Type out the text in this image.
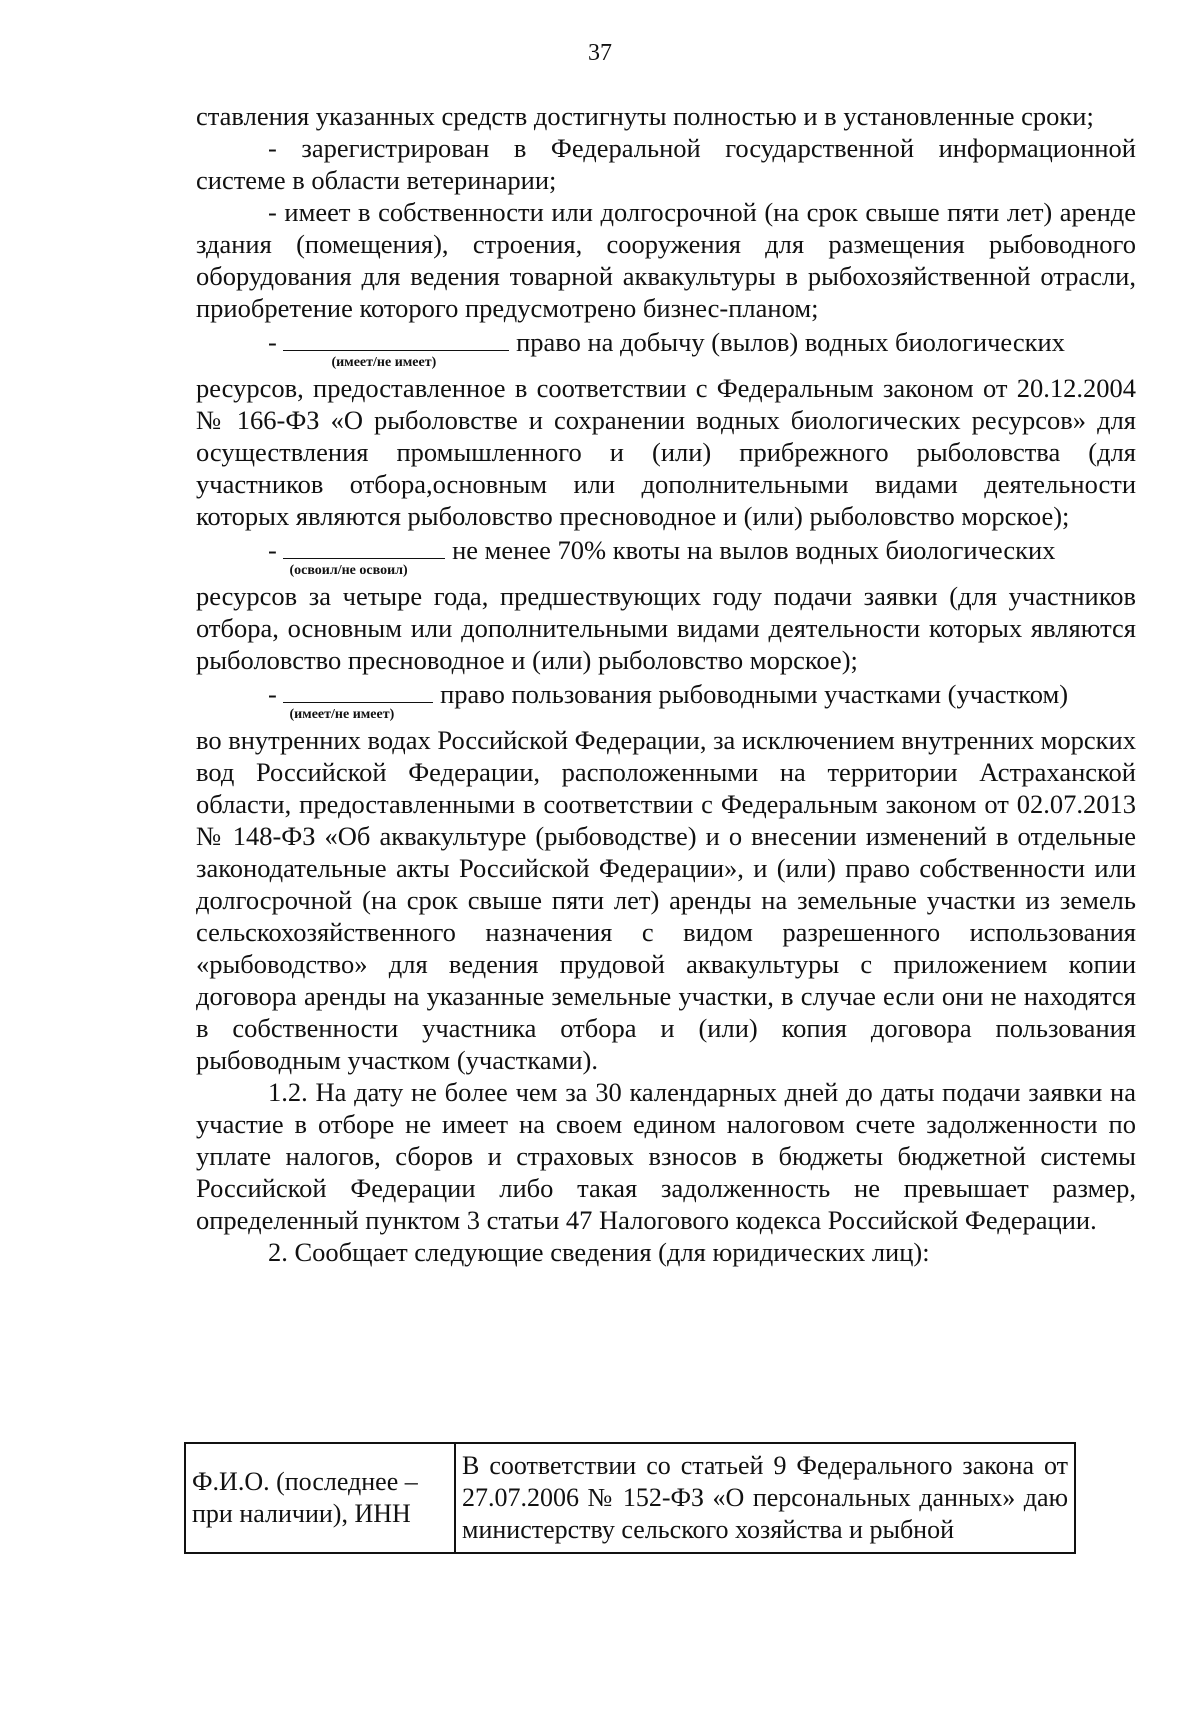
37

ставления указанных средств достигнуты полностью и в установленные сроки;

- зарегистрирован в Федеральной государственной информационной системе в области ветеринарии;

- имеет в собственности или долгосрочной (на срок свыше пяти лет) аренде здания (помещения), строения, сооружения для размещения рыбоводного оборудования для ведения товарной аквакультуры в рыбохозяйственной отрасли, приобретение которого предусмотрено бизнес-планом;

-
(имеет/не имеет)
право на добычу (вылов) водных биологических

ресурсов, предоставленное в соответствии с Федеральным законом от 20.12.2004 № 166-ФЗ «О рыболовстве и сохранении водных биологических ресурсов» для осуществления промышленного и (или) прибрежного рыболовства (для участников отбора,основным или дополнительными видами деятельности которых являются рыболовство пресноводное и (или) рыболовство морское);

-
(освоил/не освоил)
не менее 70% квоты на вылов водных биологических

ресурсов за четыре года, предшествующих году подачи заявки (для участников отбора, основным или дополнительными видами деятельности которых являются рыболовство пресноводное и (или) рыболовство морское);

-
(имеет/не имеет)
право пользования рыбоводными участками (участком)

во внутренних водах Российской Федерации, за исключением внутренних морских вод Российской Федерации, расположенными на территории Астраханской области, предоставленными в соответствии с Федеральным законом от 02.07.2013 № 148-ФЗ «Об аквакультуре (рыбоводстве) и о внесении изменений в отдельные законодательные акты Российской Федерации», и (или) право собственности или долгосрочной (на срок свыше пяти лет) аренды на земельные участки из земель сельскохозяйственного назначения с видом разрешенного использования «рыбоводство» для ведения прудовой аквакультуры с приложением копии договора аренды на указанные земельные участки, в случае если они не находятся в собственности участника отбора и (или) копия договора пользования рыбоводным участком (участками).

1.2. На дату не более чем за 30 календарных дней до даты подачи заявки на участие в отборе не имеет на своем едином налоговом счете задолженности по уплате налогов, сборов и страховых взносов в бюджеты бюджетной системы Российской Федерации либо такая задолженность не превышает размер, определенный пунктом 3 статьи 47 Налогового кодекса Российской Федерации.

2. Сообщает следующие сведения (для юридических лиц):

Ф.И.О. (последнее – при наличии), ИНН	В соответствии со статьей 9 Федерального закона от 27.07.2006 № 152-ФЗ «О персональных данных» даю министерству сельского хозяйства и рыбной
